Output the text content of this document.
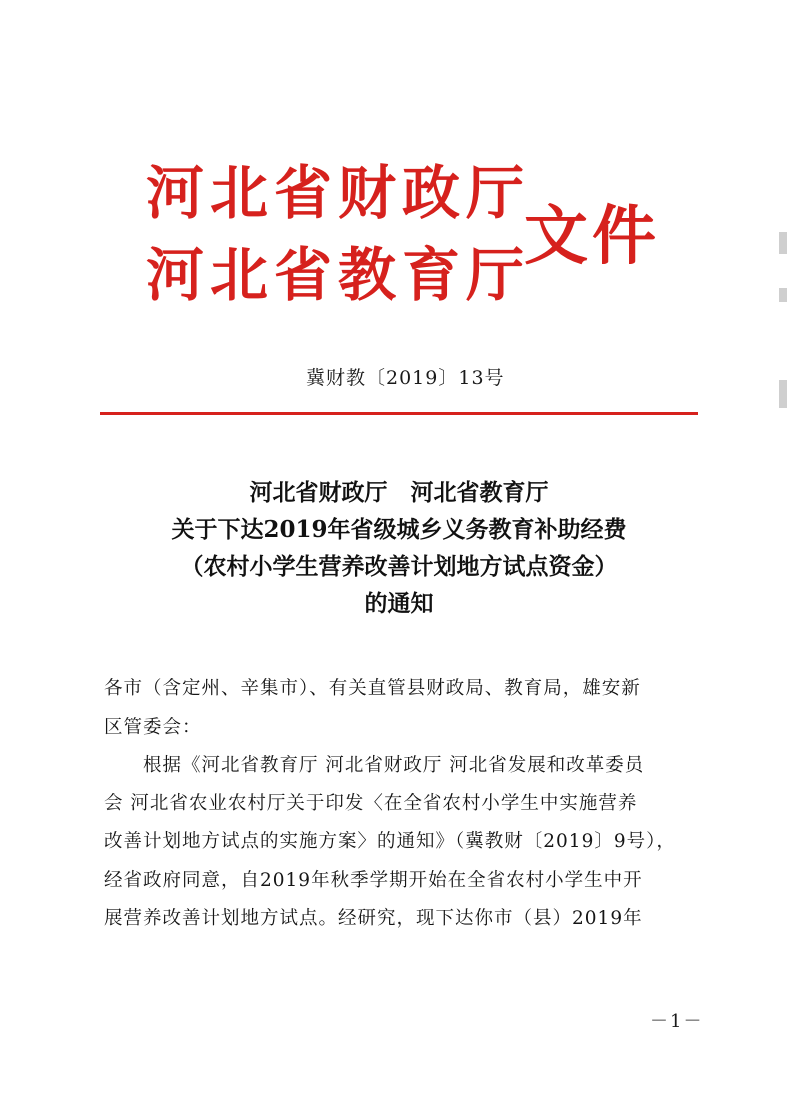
河北省财政厅
河北省教育厅
文件
冀财教〔2019〕13号
河北省财政厅　河北省教育厅
关于下达2019年省级城乡义务教育补助经费
（农村小学生营养改善计划地方试点资金）
的通知
各市（含定州、辛集市）、有关直管县财政局、教育局，雄安新
区管委会：
　　根据《河北省教育厅 河北省财政厅 河北省发展和改革委员
会 河北省农业农村厅关于印发〈在全省农村小学生中实施营养
改善计划地方试点的实施方案〉的通知》（冀教财〔2019〕9号），
经省政府同意，自2019年秋季学期开始在全省农村小学生中开
展营养改善计划地方试点。经研究，现下达你市（县）2019年
－1－
